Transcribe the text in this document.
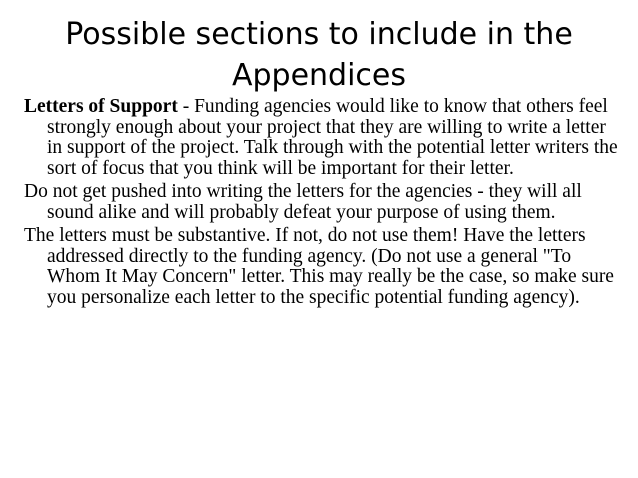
Possible sections to include in the
Appendices

Letters of Support - Funding agencies would like to know that others feel strongly enough about your project that they are willing to write a letter in support of the project. Talk through with the potential letter writers the sort of focus that you think will be important for their letter.

Do not get pushed into writing the letters for the agencies - they will all sound alike and will probably defeat your purpose of using them.

The letters must be substantive. If not, do not use them! Have the letters addressed directly to the funding agency. (Do not use a general "To Whom It May Concern" letter. This may really be the case, so make sure you personalize each letter to the specific potential funding agency).
